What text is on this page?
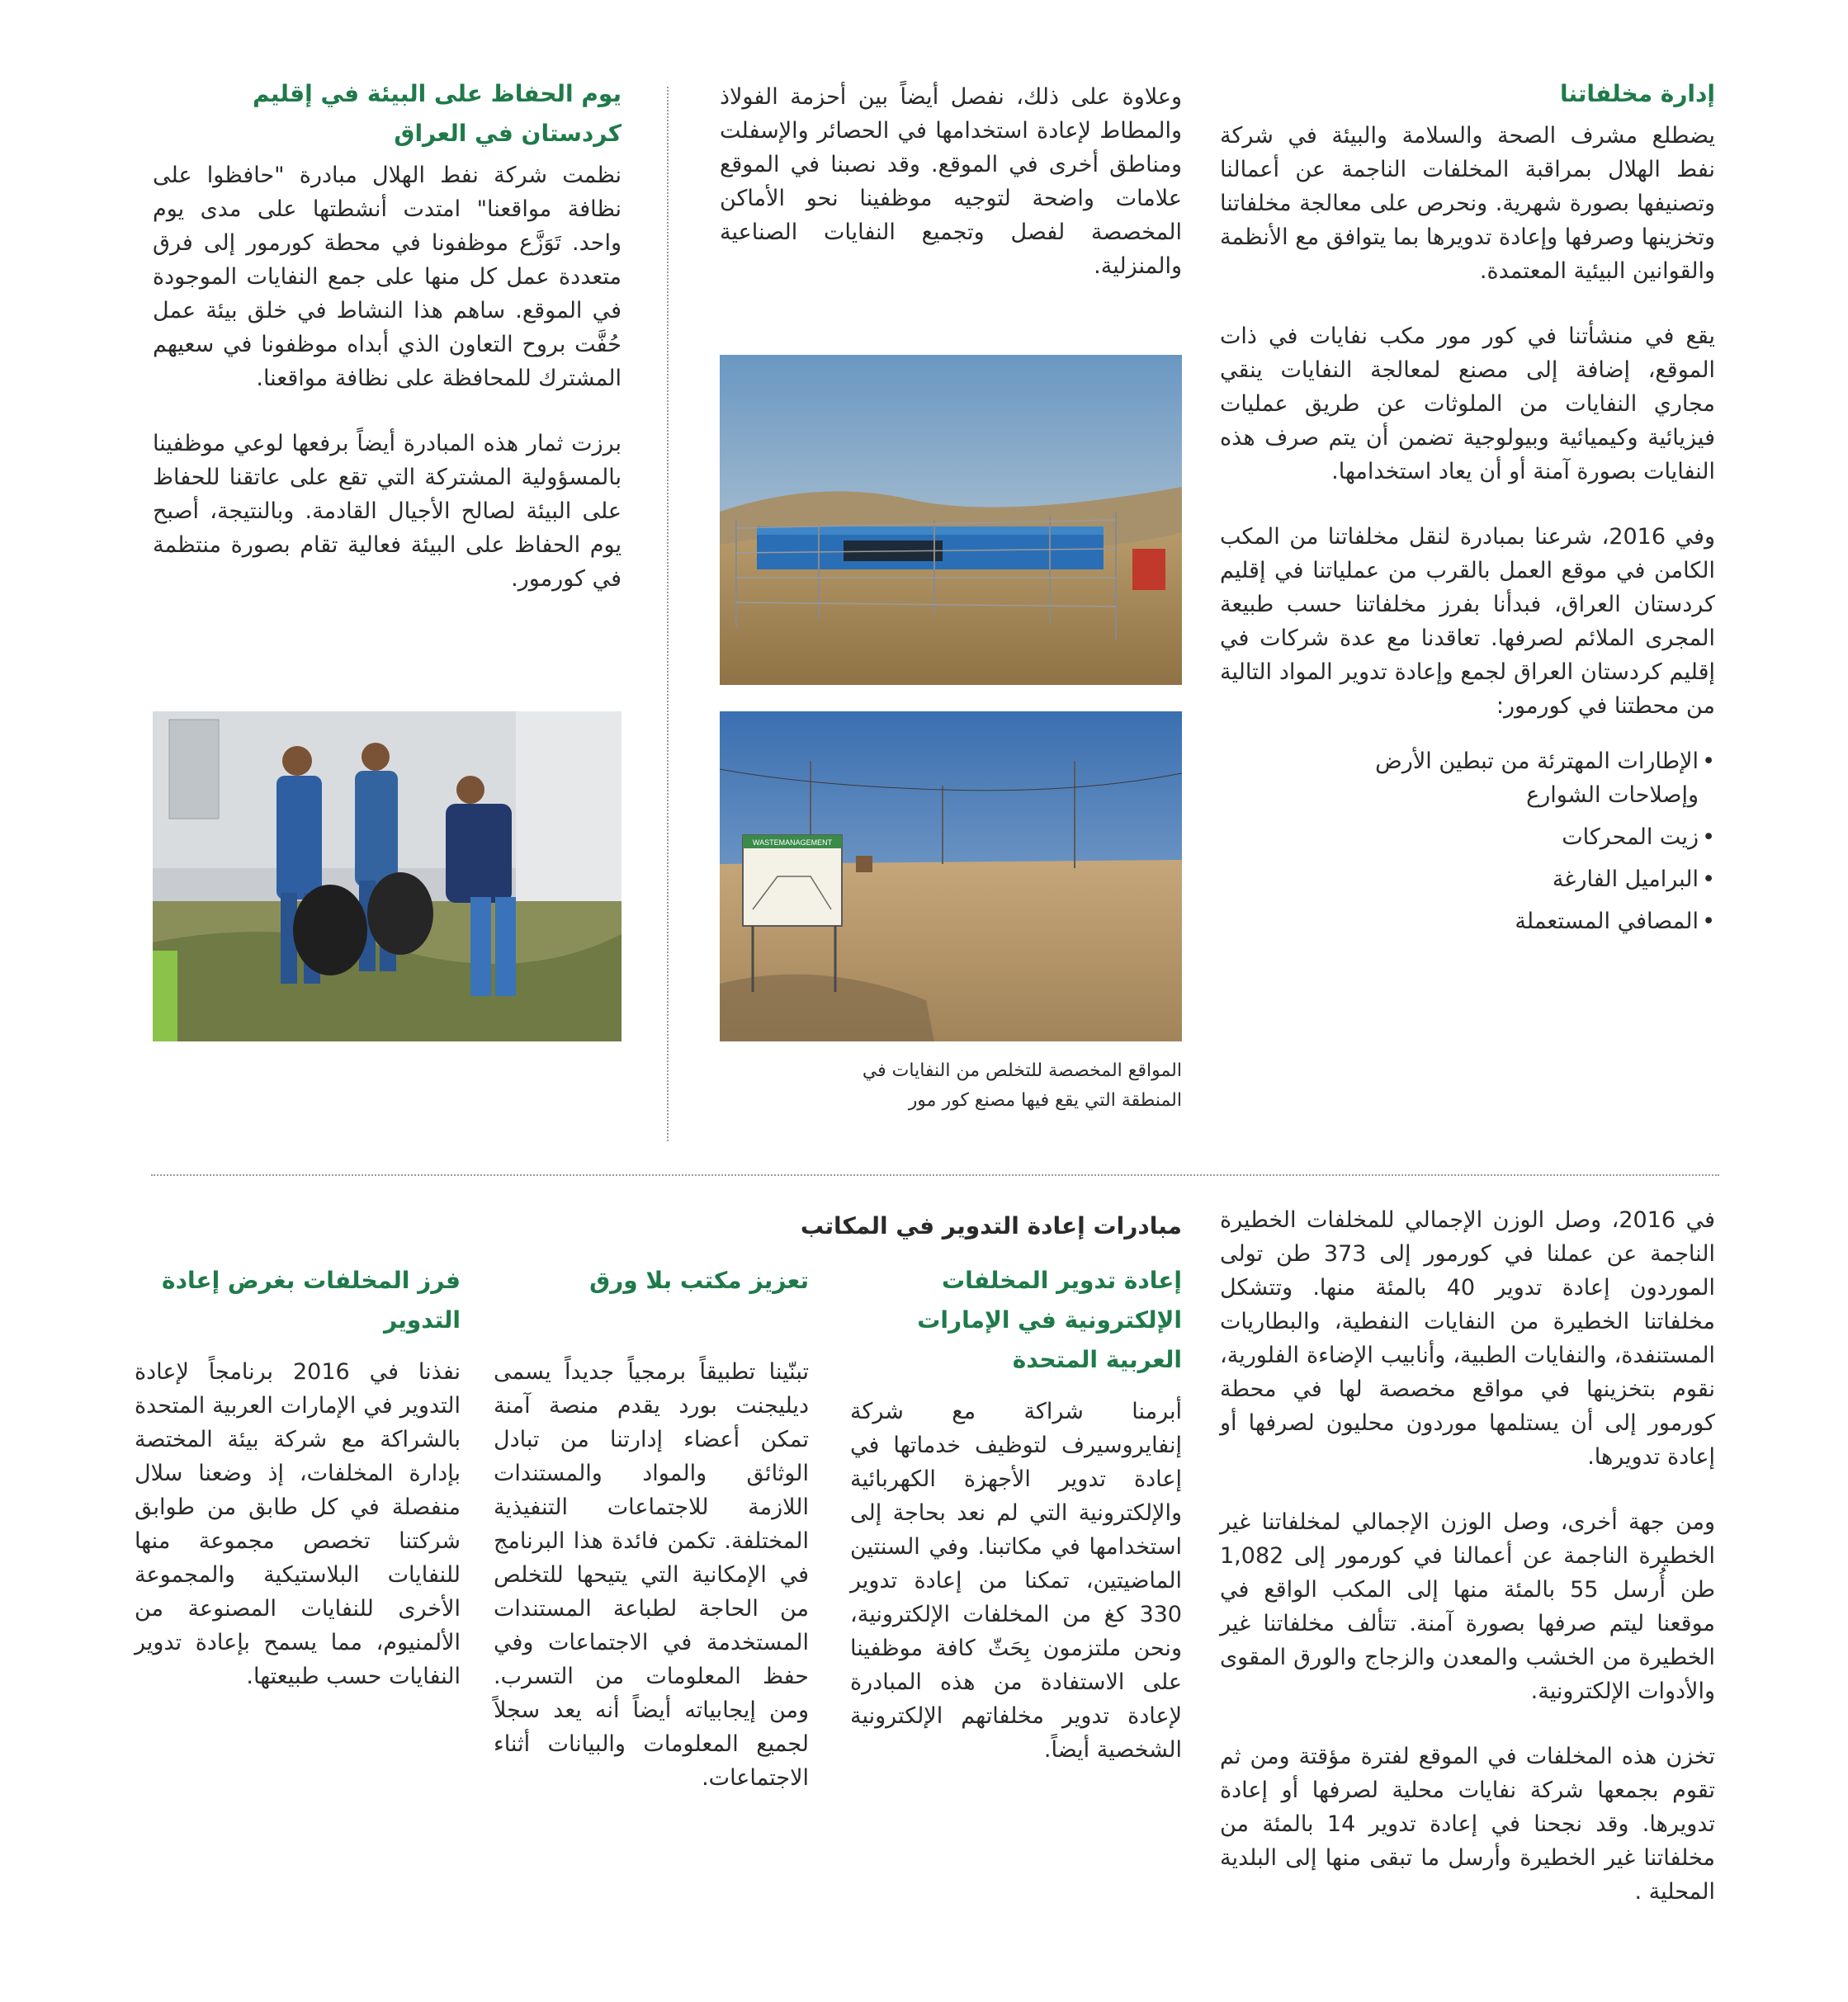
إدارة مخلفاتنا

يضطلع مشرف الصحة والسلامة والبيئة في شركة نفط الهلال بمراقبة المخلفات الناجمة عن أعمالنا وتصنيفها بصورة شهرية. ونحرص على معالجة مخلفاتنا وتخزينها وصرفها وإعادة تدويرها بما يتوافق مع الأنظمة والقوانين البيئية المعتمدة.

يقع في منشأتنا في كور مور مكب نفايات في ذات الموقع، إضافة إلى مصنع لمعالجة النفايات ينقي مجاري النفايات من الملوثات عن طريق عمليات فيزيائية وكيميائية وبيولوجية تضمن أن يتم صرف هذه النفايات بصورة آمنة أو أن يعاد استخدامها.

وفي 2016، شرعنا بمبادرة لنقل مخلفاتنا من المكب الكامن في موقع العمل بالقرب من عملياتنا في إقليم كردستان العراق، فبدأنا بفرز مخلفاتنا حسب طبيعة المجرى الملائم لصرفها. تعاقدنا مع عدة شركات في إقليم كردستان العراق لجمع وإعادة تدوير المواد التالية من محطتنا في كورمور:

• الإطارات المهترئة من تبطين الأرض وإصلاحات الشوارع
• زيت المحركات
• البراميل الفارغة
• المصافي المستعملة

وعلاوة على ذلك، نفصل أيضاً بين أحزمة الفولاذ والمطاط لإعادة استخدامها في الحصائر والإسفلت ومناطق أخرى في الموقع. وقد نصبنا في الموقع علامات واضحة لتوجيه موظفينا نحو الأماكن المخصصة لفصل وتجميع النفايات الصناعية والمنزلية.

WASTEMANAGEMENT

المواقع المخصصة للتخلص من النفايات في المنطقة التي يقع فيها مصنع كور مور

يوم الحفاظ على البيئة في إقليم كردستان في العراق

نظمت شركة نفط الهلال مبادرة "حافظوا على نظافة مواقعنا" امتدت أنشطتها على مدى يوم واحد. تَوَزَّع موظفونا في محطة كورمور إلى فرق متعددة عمل كل منها على جمع النفايات الموجودة في الموقع. ساهم هذا النشاط في خلق بيئة عمل حُفَّت بروح التعاون الذي أبداه موظفونا في سعيهم المشترك للمحافظة على نظافة مواقعنا.

برزت ثمار هذه المبادرة أيضاً برفعها لوعي موظفينا بالمسؤولية المشتركة التي تقع على عاتقنا للحفاظ على البيئة لصالح الأجيال القادمة. وبالنتيجة، أصبح يوم الحفاظ على البيئة فعالية تقام بصورة منتظمة في كورمور.

في 2016، وصل الوزن الإجمالي للمخلفات الخطيرة الناجمة عن عملنا في كورمور إلى 373 طن تولى الموردون إعادة تدوير 40 بالمئة منها. وتتشكل مخلفاتنا الخطيرة من النفايات النفطية، والبطاريات المستنفدة، والنفايات الطبية، وأنابيب الإضاءة الفلورية، نقوم بتخزينها في مواقع مخصصة لها في محطة كورمور إلى أن يستلمها موردون محليون لصرفها أو إعادة تدويرها.

ومن جهة أخرى، وصل الوزن الإجمالي لمخلفاتنا غير الخطيرة الناجمة عن أعمالنا في كورمور إلى 1,082 طن أُرسل 55 بالمئة منها إلى المكب الواقع في موقعنا ليتم صرفها بصورة آمنة. تتألف مخلفاتنا غير الخطيرة من الخشب والمعدن والزجاج والورق المقوى والأدوات الإلكترونية.

تخزن هذه المخلفات في الموقع لفترة مؤقتة ومن ثم تقوم بجمعها شركة نفايات محلية لصرفها أو إعادة تدويرها. وقد نجحنا في إعادة تدوير 14 بالمئة من مخلفاتنا غير الخطيرة وأرسل ما تبقى منها إلى البلدية المحلية .

مبادرات إعادة التدوير في المكاتب
إعادة تدوير المخلفات الإلكترونية في الإمارات العربية المتحدة

أبرمنا شراكة مع شركة إنفايروسيرف لتوظيف خدماتها في إعادة تدوير الأجهزة الكهربائية والإلكترونية التي لم نعد بحاجة إلى استخدامها في مكاتبنا. وفي السنتين الماضيتين، تمكنا من إعادة تدوير 330 كغ من المخلفات الإلكترونية، ونحن ملتزمون بِحَثّ كافة موظفينا على الاستفادة من هذه المبادرة لإعادة تدوير مخلفاتهم الإلكترونية الشخصية أيضاً.

تعزيز مكتب بلا ورق

تبنّينا تطبيقاً برمجياً جديداً يسمى ديليجنت بورد يقدم منصة آمنة تمكن أعضاء إدارتنا من تبادل الوثائق والمواد والمستندات اللازمة للاجتماعات التنفيذية المختلفة. تكمن فائدة هذا البرنامج في الإمكانية التي يتيحها للتخلص من الحاجة لطباعة المستندات المستخدمة في الاجتماعات وفي حفظ المعلومات من التسرب. ومن إيجابياته أيضاً أنه يعد سجلاً لجميع المعلومات والبيانات أثناء الاجتماعات.

فرز المخلفات بغرض إعادة التدوير

نفذنا في 2016 برنامجاً لإعادة التدوير في الإمارات العربية المتحدة بالشراكة مع شركة بيئة المختصة بإدارة المخلفات، إذ وضعنا سلال منفصلة في كل طابق من طوابق شركتنا تخصص مجموعة منها للنفايات البلاستيكية والمجموعة الأخرى للنفايات المصنوعة من الألمنيوم، مما يسمح بإعادة تدوير النفايات حسب طبيعتها.
